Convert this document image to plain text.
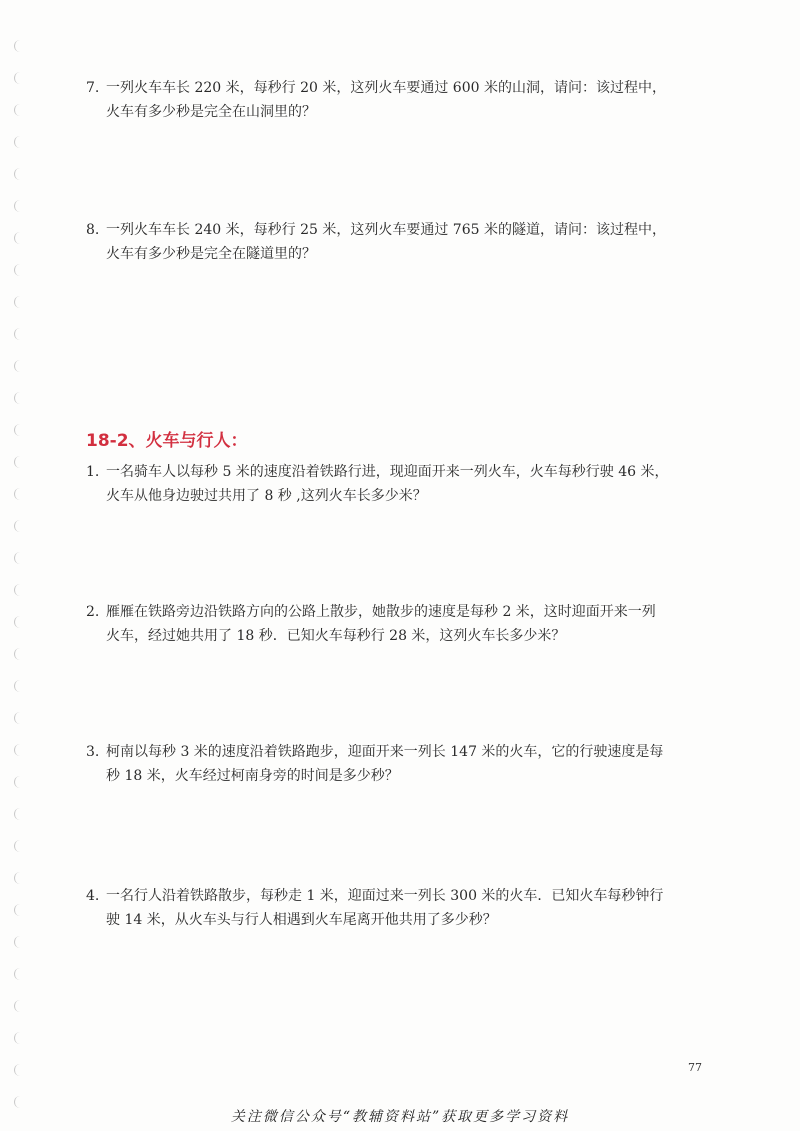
7. 一列火车车长 220 米，每秒行 20 米，这列火车要通过 600 米的山洞，请问：该过程中，
火车有多少秒是完全在山洞里的？
8. 一列火车车长 240 米，每秒行 25 米，这列火车要通过 765 米的隧道，请问：该过程中，
火车有多少秒是完全在隧道里的？
18-2、火车与行人：
1. 一名骑车人以每秒 5 米的速度沿着铁路行进，现迎面开来一列火车，火车每秒行驶 46 米，
火车从他身边驶过共用了 8 秒 ,这列火车长多少米？
2. 雁雁在铁路旁边沿铁路方向的公路上散步，她散步的速度是每秒 2 米，这时迎面开来一列
火车，经过她共用了 18 秒．已知火车每秒行 28 米，这列火车长多少米？
3. 柯南以每秒 3 米的速度沿着铁路跑步，迎面开来一列长 147 米的火车，它的行驶速度是每
秒 18 米，火车经过柯南身旁的时间是多少秒？
4. 一名行人沿着铁路散步，每秒走 1 米，迎面过来一列长 300 米的火车．已知火车每秒钟行
驶 14 米，从火车头与行人相遇到火车尾离开他共用了多少秒？
77
关注微信公众号“教辅资料站”获取更多学习资料
